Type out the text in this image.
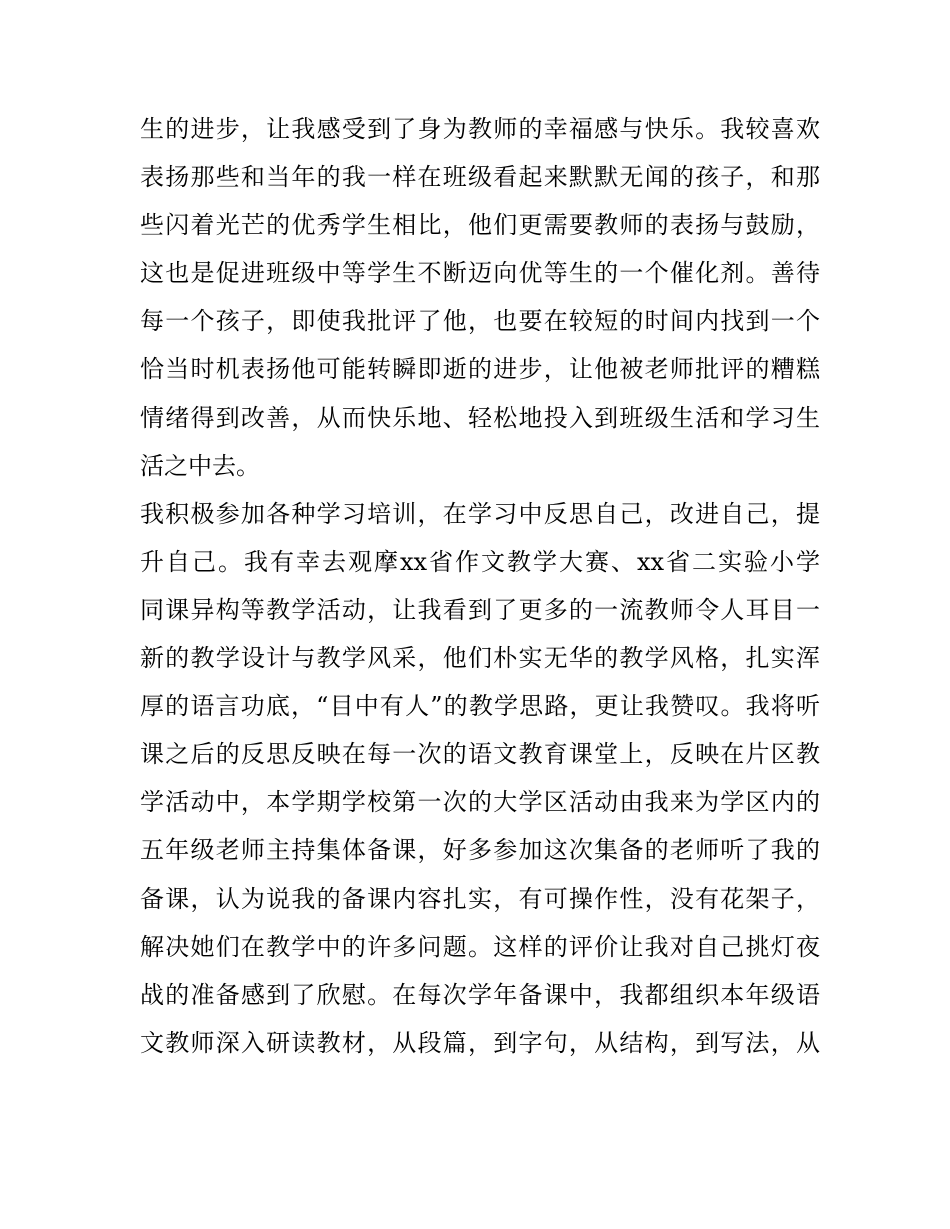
生的进步，让我感受到了身为教师的幸福感与快乐。我较喜欢
表扬那些和当年的我一样在班级看起来默默无闻的孩子，和那
些闪着光芒的优秀学生相比，他们更需要教师的表扬与鼓励，
这也是促进班级中等学生不断迈向优等生的一个催化剂。善待
每一个孩子，即使我批评了他，也要在较短的时间内找到一个
恰当时机表扬他可能转瞬即逝的进步，让他被老师批评的糟糕
情绪得到改善，从而快乐地、轻松地投入到班级生活和学习生
活之中去。
我积极参加各种学习培训，在学习中反思自己，改进自己，提
升自己。我有幸去观摩xx省作文教学大赛、xx省二实验小学
同课异构等教学活动，让我看到了更多的一流教师令人耳目一
新的教学设计与教学风采，他们朴实无华的教学风格，扎实浑
厚的语言功底，“目中有人”的教学思路，更让我赞叹。我将听
课之后的反思反映在每一次的语文教育课堂上，反映在片区教
学活动中，本学期学校第一次的大学区活动由我来为学区内的
五年级老师主持集体备课，好多参加这次集备的老师听了我的
备课，认为说我的备课内容扎实，有可操作性，没有花架子，
解决她们在教学中的许多问题。这样的评价让我对自己挑灯夜
战的准备感到了欣慰。在每次学年备课中，我都组织本年级语
文教师深入研读教材，从段篇，到字句，从结构，到写法，从
